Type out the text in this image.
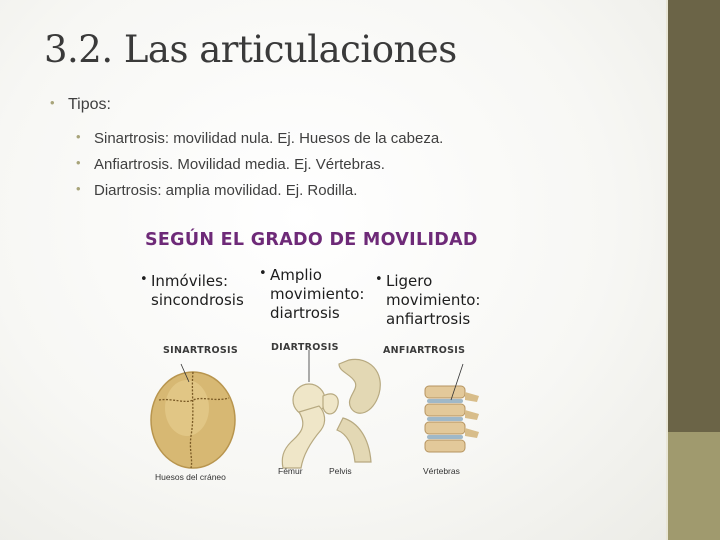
3.2. Las articulaciones
• Tipos:
• Sinartrosis: movilidad nula. Ej. Huesos de la cabeza.
• Anfiartrosis. Movilidad media. Ej. Vértebras.
• Diartrosis: amplia movilidad. Ej. Rodilla.
SEGÚN EL GRADO DE MOVILIDAD
• Inmóviles:
sincondrosis
• Amplio
movimiento:
diartrosis
• Ligero
movimiento:
anfiartrosis
SINARTROSIS	DIARTROSIS	ANFIARTROSIS
Huesos del cráneo
Fémur	Pelvis	Vértebras
